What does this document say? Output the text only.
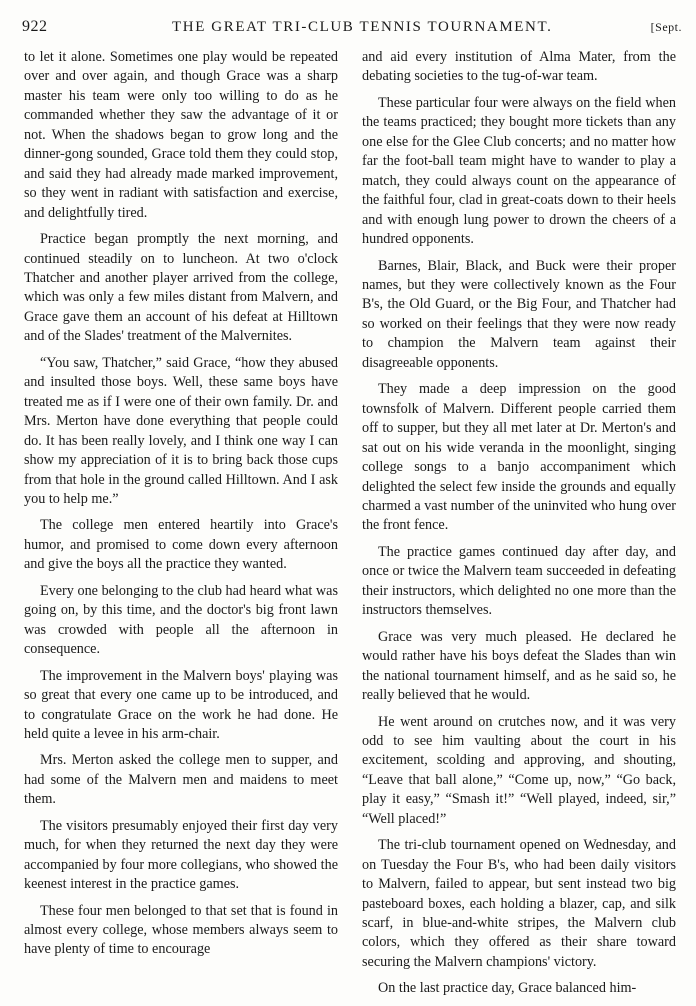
922	THE GREAT TRI-CLUB TENNIS TOURNAMENT.	[Sept.

to let it alone. Sometimes one play would be repeated over and over again, and though Grace was a sharp master his team were only too willing to do as he commanded whether they saw the advantage of it or not. When the shadows began to grow long and the dinner-gong sounded, Grace told them they could stop, and said they had already made marked improvement, so they went in radiant with satisfaction and exercise, and delightfully tired.

Practice began promptly the next morning, and continued steadily on to luncheon. At two o'clock Thatcher and another player arrived from the college, which was only a few miles distant from Malvern, and Grace gave them an account of his defeat at Hilltown and of the Slades' treatment of the Malvernites.

“You saw, Thatcher,” said Grace, “how they abused and insulted those boys. Well, these same boys have treated me as if I were one of their own family. Dr. and Mrs. Merton have done everything that people could do. It has been really lovely, and I think one way I can show my appreciation of it is to bring back those cups from that hole in the ground called Hilltown. And I ask you to help me.”

The college men entered heartily into Grace's humor, and promised to come down every afternoon and give the boys all the practice they wanted.

Every one belonging to the club had heard what was going on, by this time, and the doctor's big front lawn was crowded with people all the afternoon in consequence.

The improvement in the Malvern boys' playing was so great that every one came up to be introduced, and to congratulate Grace on the work he had done. He held quite a levee in his arm-chair.

Mrs. Merton asked the college men to supper, and had some of the Malvern men and maidens to meet them.

The visitors presumably enjoyed their first day very much, for when they returned the next day they were accompanied by four more collegians, who showed the keenest interest in the practice games.

These four men belonged to that set that is found in almost every college, whose members always seem to have plenty of time to encourage

and aid every institution of Alma Mater, from the debating societies to the tug-of-war team.

These particular four were always on the field when the teams practiced; they bought more tickets than any one else for the Glee Club concerts; and no matter how far the foot-ball team might have to wander to play a match, they could always count on the appearance of the faithful four, clad in great-coats down to their heels and with enough lung power to drown the cheers of a hundred opponents.

Barnes, Blair, Black, and Buck were their proper names, but they were collectively known as the Four B's, the Old Guard, or the Big Four, and Thatcher had so worked on their feelings that they were now ready to champion the Malvern team against their disagreeable opponents.

They made a deep impression on the good townsfolk of Malvern. Different people carried them off to supper, but they all met later at Dr. Merton's and sat out on his wide veranda in the moonlight, singing college songs to a banjo accompaniment which delighted the select few inside the grounds and equally charmed a vast number of the uninvited who hung over the front fence.

The practice games continued day after day, and once or twice the Malvern team succeeded in defeating their instructors, which delighted no one more than the instructors themselves.

Grace was very much pleased. He declared he would rather have his boys defeat the Slades than win the national tournament himself, and as he said so, he really believed that he would.

He went around on crutches now, and it was very odd to see him vaulting about the court in his excitement, scolding and approving, and shouting, “Leave that ball alone,” “Come up, now,” “Go back, play it easy,” “Smash it!” “Well played, indeed, sir,” “Well placed!”

The tri-club tournament opened on Wednesday, and on Tuesday the Four B's, who had been daily visitors to Malvern, failed to appear, but sent instead two big pasteboard boxes, each holding a blazer, cap, and silk scarf, in blue-and-white stripes, the Malvern club colors, which they offered as their share toward securing the Malvern champions' victory.

On the last practice day, Grace balanced him-
